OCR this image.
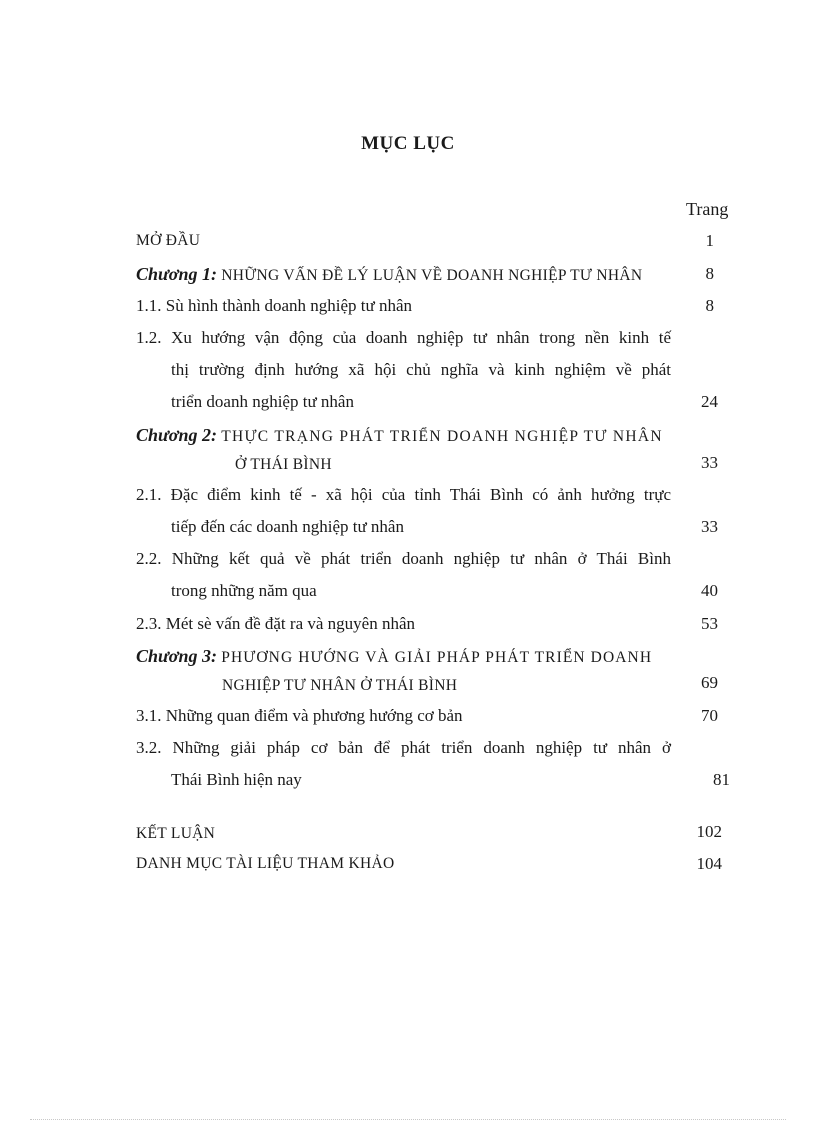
MỤC LỤC
Trang
MỞ ĐẦU	1
Chương 1: NHỮNG VẤN ĐỀ LÝ LUẬN VỀ DOANH NGHIỆP TƯ NHÂN	8
1.1. Sù hình thành doanh nghiệp tư nhân	8
1.2. Xu hướng vận động của doanh nghiệp tư nhân trong nền kinh tế
thị trường định hướng xã hội chủ nghĩa và kinh nghiệm về phát
triển doanh nghiệp tư nhân	24
Chương 2: THỰC TRẠNG PHÁT TRIỂN DOANH NGHIỆP TƯ NHÂN
Ở THÁI BÌNH	33
2.1. Đặc điểm kinh tế - xã hội của tỉnh Thái Bình có ảnh hưởng trực
tiếp đến các doanh nghiệp tư nhân	33
2.2. Những kết quả về phát triển doanh nghiệp tư nhân ở Thái Bình
trong những năm qua	40
2.3. Mét sè vấn đề đặt ra và nguyên nhân	53
Chương 3: PHƯƠNG HƯỚNG VÀ GIẢI PHÁP PHÁT TRIỂN DOANH
NGHIỆP TƯ NHÂN Ở THÁI BÌNH	69
3.1. Những quan điểm và phương hướng cơ bản	70
3.2. Những giải pháp cơ bản để phát triển doanh nghiệp tư nhân ở
Thái Bình hiện nay	81
KẾT LUẬN	102
DANH MỤC TÀI LIỆU THAM KHẢO	104
